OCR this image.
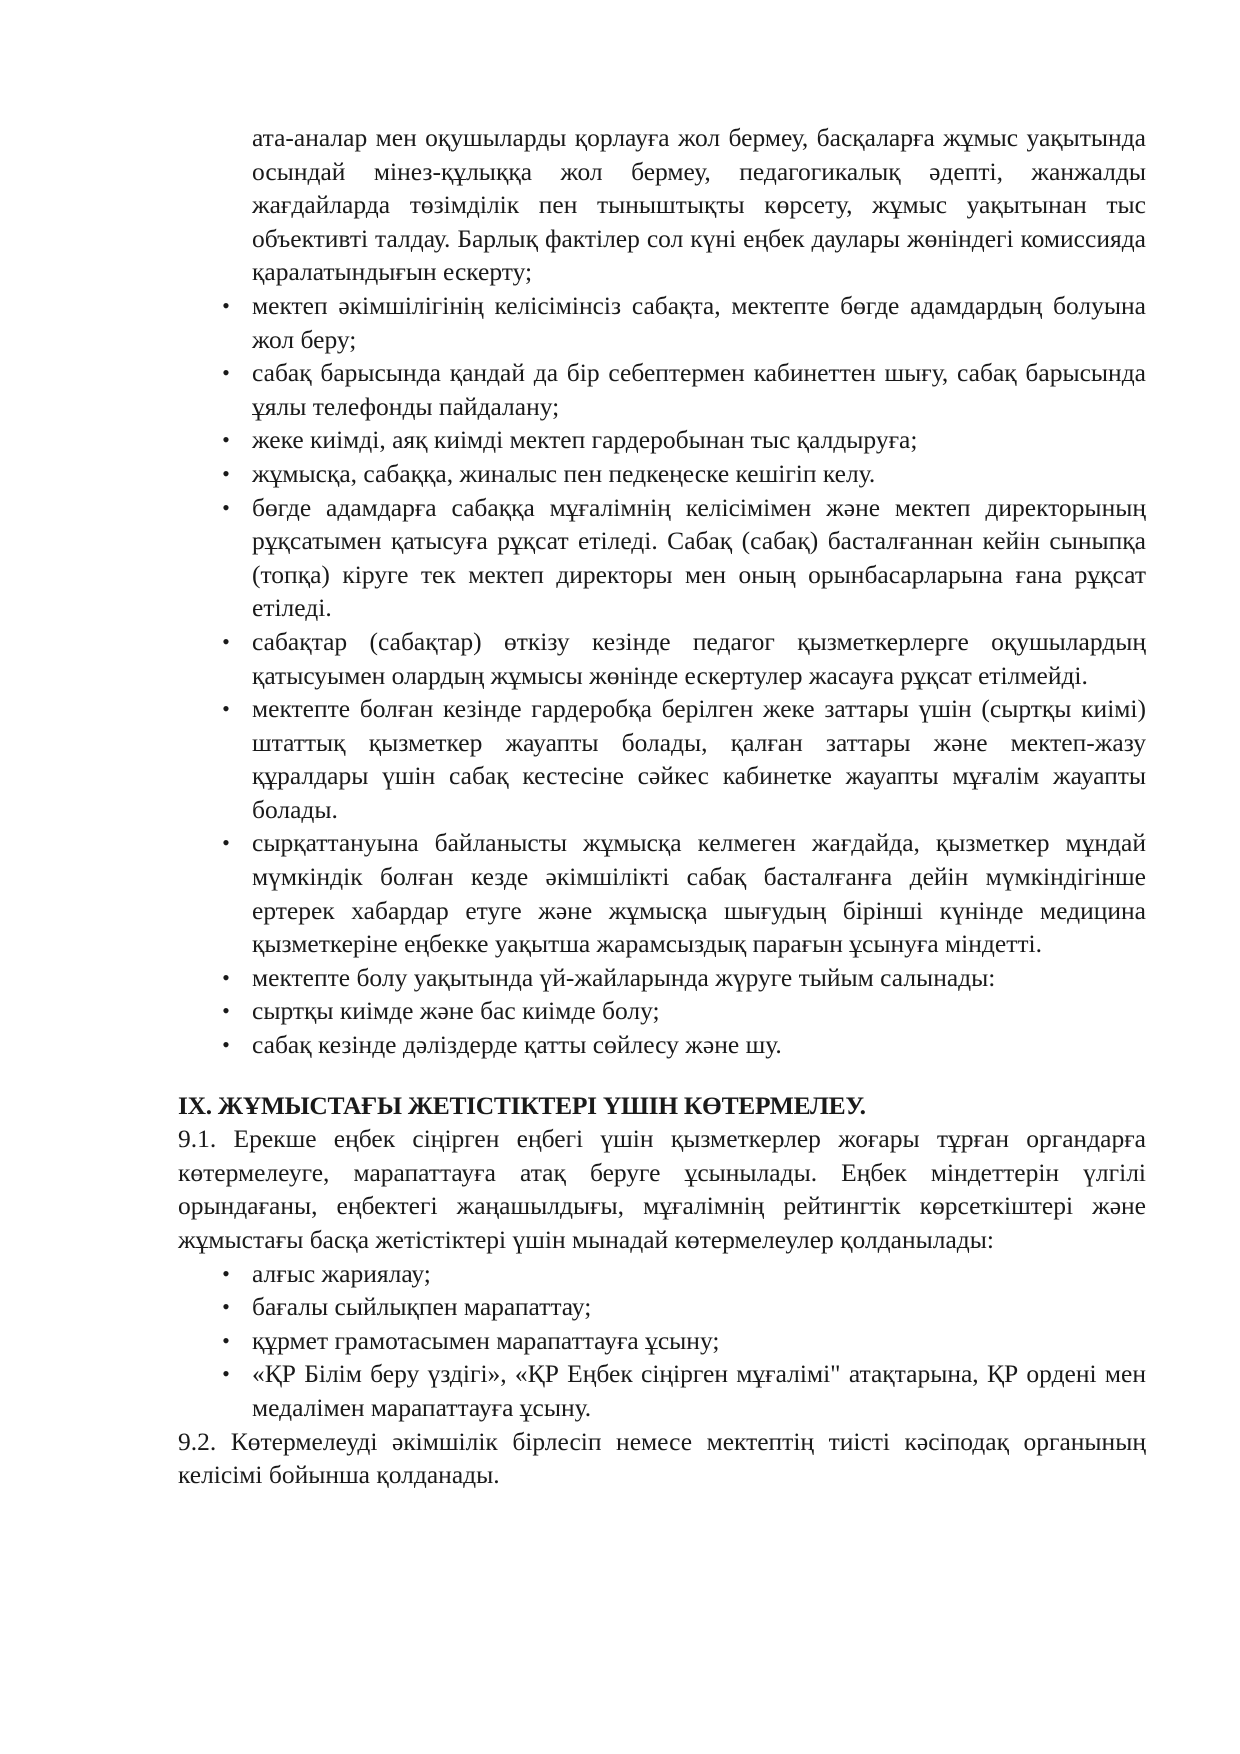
ата-аналар мен оқушыларды қорлауға жол бермеу, басқаларға жұмыс уақытында осындай мінез-құлыққа жол бермеу, педагогикалық әдепті, жанжалды жағдайларда төзімділік пен тыныштықты көрсету, жұмыс уақытынан тыс объективті талдау. Барлық фактілер сол күні еңбек даулары жөніндегі комиссияда қаралатындығын ескерту;

• мектеп әкімшілігінің келісімінсіз сабақта, мектепте бөгде адамдардың болуына жол беру;
• сабақ барысында қандай да бір себептермен кабинеттен шығу, сабақ барысында ұялы телефонды пайдалану;
• жеке киімді, аяқ киімді мектеп гардеробынан тыс қалдыруға;
• жұмысқа, сабаққа, жиналыс пен педкеңеске кешігіп келу.
• бөгде адамдарға сабаққа мұғалімнің келісімімен және мектеп директорының рұқсатымен қатысуға рұқсат етіледі. Сабақ (сабақ) басталғаннан кейін сыныпқа (топқа) кіруге тек мектеп директоры мен оның орынбасарларына ғана рұқсат етіледі.
• сабақтар (сабақтар) өткізу кезінде педагог қызметкерлерге оқушылардың қатысуымен олардың жұмысы жөнінде ескертулер жасауға рұқсат етілмейді.
• мектепте болған кезінде гардеробқа берілген жеке заттары үшін (сыртқы киімі) штаттық қызметкер жауапты болады, қалған заттары және мектеп-жазу құралдары үшін сабақ кестесіне сәйкес кабинетке жауапты мұғалім жауапты болады.
• сырқаттануына байланысты жұмысқа келмеген жағдайда, қызметкер мұндай мүмкіндік болған кезде әкімшілікті сабақ басталғанға дейін мүмкіндігінше ертерек хабардар етуге және жұмысқа шығудың бірінші күнінде медицина қызметкеріне еңбекке уақытша жарамсыздық парағын ұсынуға міндетті.
• мектепте болу уақытында үй-жайларында жүруге тыйым салынады:
• сыртқы киімде және бас киімде болу;
• сабақ кезінде дәліздерде қатты сөйлесу және шу.
IX. ЖҰМЫСТАҒЫ ЖЕТІСТІКТЕРІ ҮШІН КӨТЕРМЕЛЕУ.

9.1. Ерекше еңбек сіңірген еңбегі үшін қызметкерлер жоғары тұрған органдарға көтермелеуге, марапаттауға атақ беруге ұсынылады. Еңбек міндеттерін үлгілі орындағаны, еңбектегі жаңашылдығы, мұғалімнің рейтингтік көрсеткіштері және жұмыстағы басқа жетістіктері үшін мынадай көтермелеулер қолданылады:

• алғыс жариялау;
• бағалы сыйлықпен марапаттау;
• құрмет грамотасымен марапаттауға ұсыну;
• «ҚР Білім беру үздігі», «ҚР Еңбек сіңірген мұғалімі" атақтарына, ҚР ордені мен медалімен марапаттауға ұсыну.

9.2. Көтермелеуді әкімшілік бірлесіп немесе мектептің тиісті кәсіподақ органының келісімі бойынша қолданады.
